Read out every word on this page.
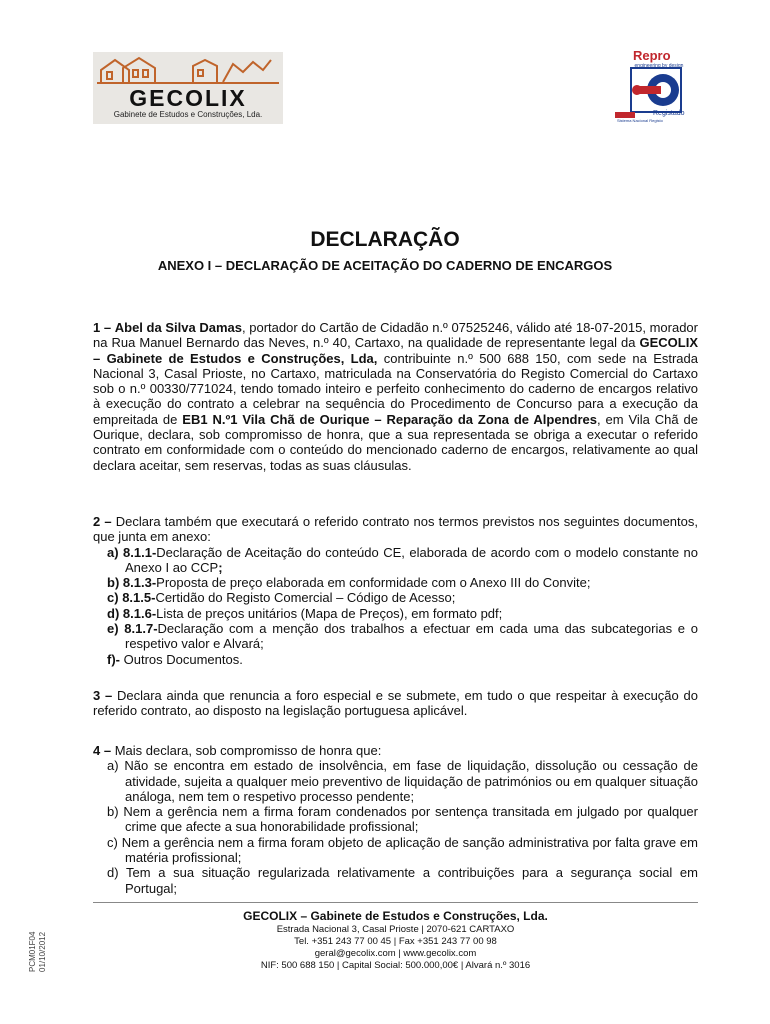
GECOLIX
Gabinete de Estudos e Construções, Lda.
Repro
engineering by design
Registado
Sistema Nacional Registo
DECLARAÇÃO
ANEXO I – DECLARAÇÃO DE ACEITAÇÃO DO CADERNO DE ENCARGOS

1 – Abel da Silva Damas, portador do Cartão de Cidadão n.º 07525246, válido até 18-07-2015, morador na Rua Manuel Bernardo das Neves, n.º 40, Cartaxo, na qualidade de representante legal da GECOLIX – Gabinete de Estudos e Construções, Lda, contribuinte n.º 500 688 150, com sede na Estrada Nacional 3, Casal Prioste, no Cartaxo, matriculada na Conservatória do Registo Comercial do Cartaxo sob o n.º 00330/771024, tendo tomado inteiro e perfeito conhecimento do caderno de encargos relativo à execução do contrato a celebrar na sequência do Procedimento de Concurso para a execução da empreitada de EB1 N.º1 Vila Chã de Ourique – Reparação da Zona de Alpendres, em Vila Chã de Ourique, declara, sob compromisso de honra, que a sua representada se obriga a executar o referido contrato em conformidade com o conteúdo do mencionado caderno de encargos, relativamente ao qual declara aceitar, sem reservas, todas as suas cláusulas.

2 – Declara também que executará o referido contrato nos termos previstos nos seguintes documentos, que junta em anexo:

a) 8.1.1-Declaração de Aceitação do conteúdo CE, elaborada de acordo com o modelo constante no Anexo I ao CCP;
b) 8.1.3-Proposta de preço elaborada em conformidade com o Anexo III do Convite;
c) 8.1.5-Certidão do Registo Comercial – Código de Acesso;
d) 8.1.6-Lista de preços unitários (Mapa de Preços), em formato pdf;
e) 8.1.7-Declaração com a menção dos trabalhos a efectuar em cada uma das subcategorias e o respetivo valor e Alvará;
f)- Outros Documentos.

3 – Declara ainda que renuncia a foro especial e se submete, em tudo o que respeitar à execução do referido contrato, ao disposto na legislação portuguesa aplicável.

4 – Mais declara, sob compromisso de honra que:

a) Não se encontra em estado de insolvência, em fase de liquidação, dissolução ou cessação de atividade, sujeita a qualquer meio preventivo de liquidação de patrimónios ou em qualquer situação análoga, nem tem o respetivo processo pendente;
b) Nem a gerência nem a firma foram condenados por sentença transitada em julgado por qualquer crime que afecte a sua honorabilidade profissional;
c) Nem a gerência nem a firma foram objeto de aplicação de sanção administrativa por falta grave em matéria profissional;
d) Tem a sua situação regularizada relativamente a contribuições para a segurança social em Portugal;
GECOLIX – Gabinete de Estudos e Construções, Lda.
Estrada Nacional 3, Casal Prioste | 2070-621 CARTAXO
Tel. +351 243 77 00 45 | Fax +351 243 77 00 98
geral@gecolix.com | www.gecolix.com
NIF: 500 688 150 | Capital Social: 500.000,00€ | Alvará n.º 3016
PCM01F04 01/10/2012
